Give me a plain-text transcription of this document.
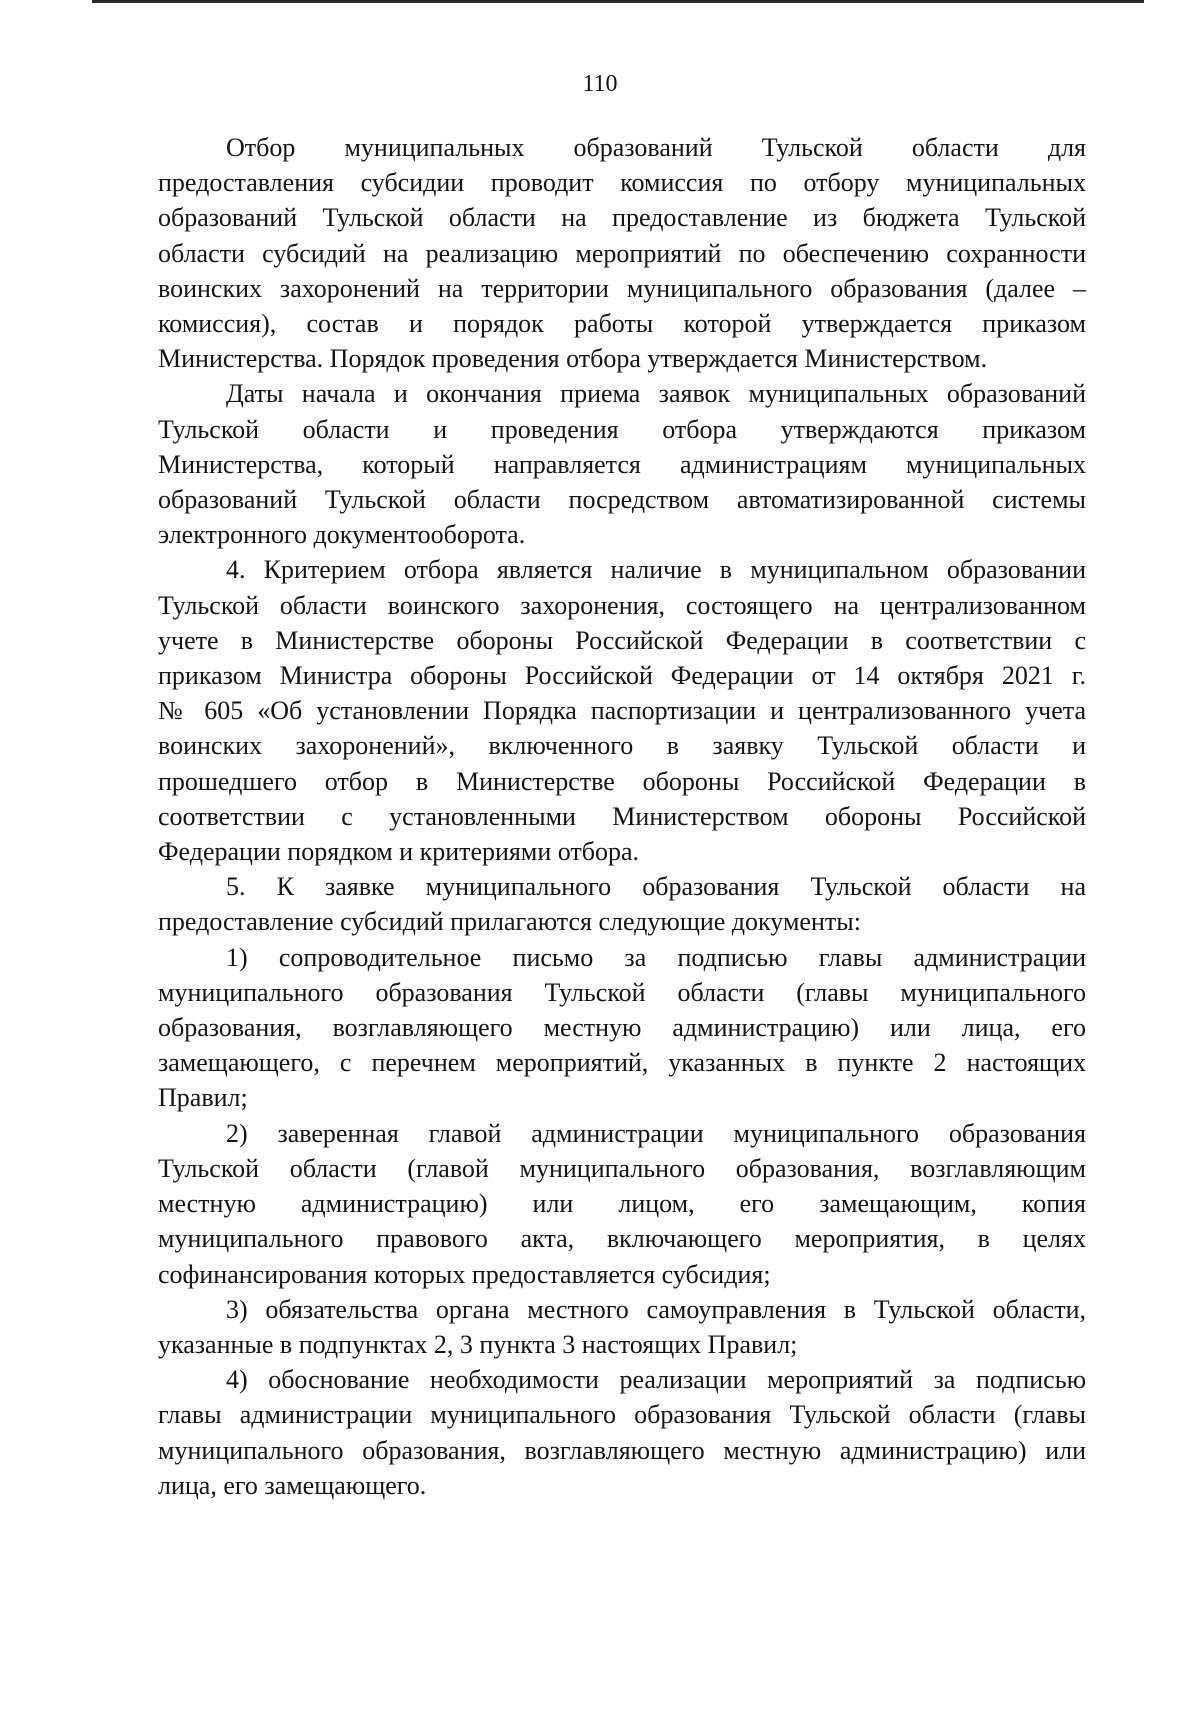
110

Отбор муниципальных образований Тульской области для
предоставления субсидии проводит комиссия по отбору муниципальных
образований Тульской области на предоставление из бюджета Тульской
области субсидий на реализацию мероприятий по обеспечению сохранности
воинских захоронений на территории муниципального образования (далее –
комиссия), состав и порядок работы которой утверждается приказом
Министерства. Порядок проведения отбора утверждается Министерством.

Даты начала и окончания приема заявок муниципальных образований
Тульской области и проведения отбора утверждаются приказом
Министерства, который направляется администрациям муниципальных
образований Тульской области посредством автоматизированной системы
электронного документооборота.

4. Критерием отбора является наличие в муниципальном образовании
Тульской области воинского захоронения, состоящего на централизованном
учете в Министерстве обороны Российской Федерации в соответствии с
приказом Министра обороны Российской Федерации от 14 октября 2021 г.
№ 605 «Об установлении Порядка паспортизации и централизованного учета
воинских захоронений», включенного в заявку Тульской области и
прошедшего отбор в Министерстве обороны Российской Федерации в
соответствии с установленными Министерством обороны Российской
Федерации порядком и критериями отбора.

5. К заявке муниципального образования Тульской области на
предоставление субсидий прилагаются следующие документы:

1) сопроводительное письмо за подписью главы администрации
муниципального образования Тульской области (главы муниципального
образования, возглавляющего местную администрацию) или лица, его
замещающего, с перечнем мероприятий, указанных в пункте 2 настоящих
Правил;

2) заверенная главой администрации муниципального образования
Тульской области (главой муниципального образования, возглавляющим
местную администрацию) или лицом, его замещающим, копия
муниципального правового акта, включающего мероприятия, в целях
софинансирования которых предоставляется субсидия;

3) обязательства органа местного самоуправления в Тульской области,
указанные в подпунктах 2, 3 пункта 3 настоящих Правил;

4) обоснование необходимости реализации мероприятий за подписью
главы администрации муниципального образования Тульской области (главы
муниципального образования, возглавляющего местную администрацию) или
лица, его замещающего.
